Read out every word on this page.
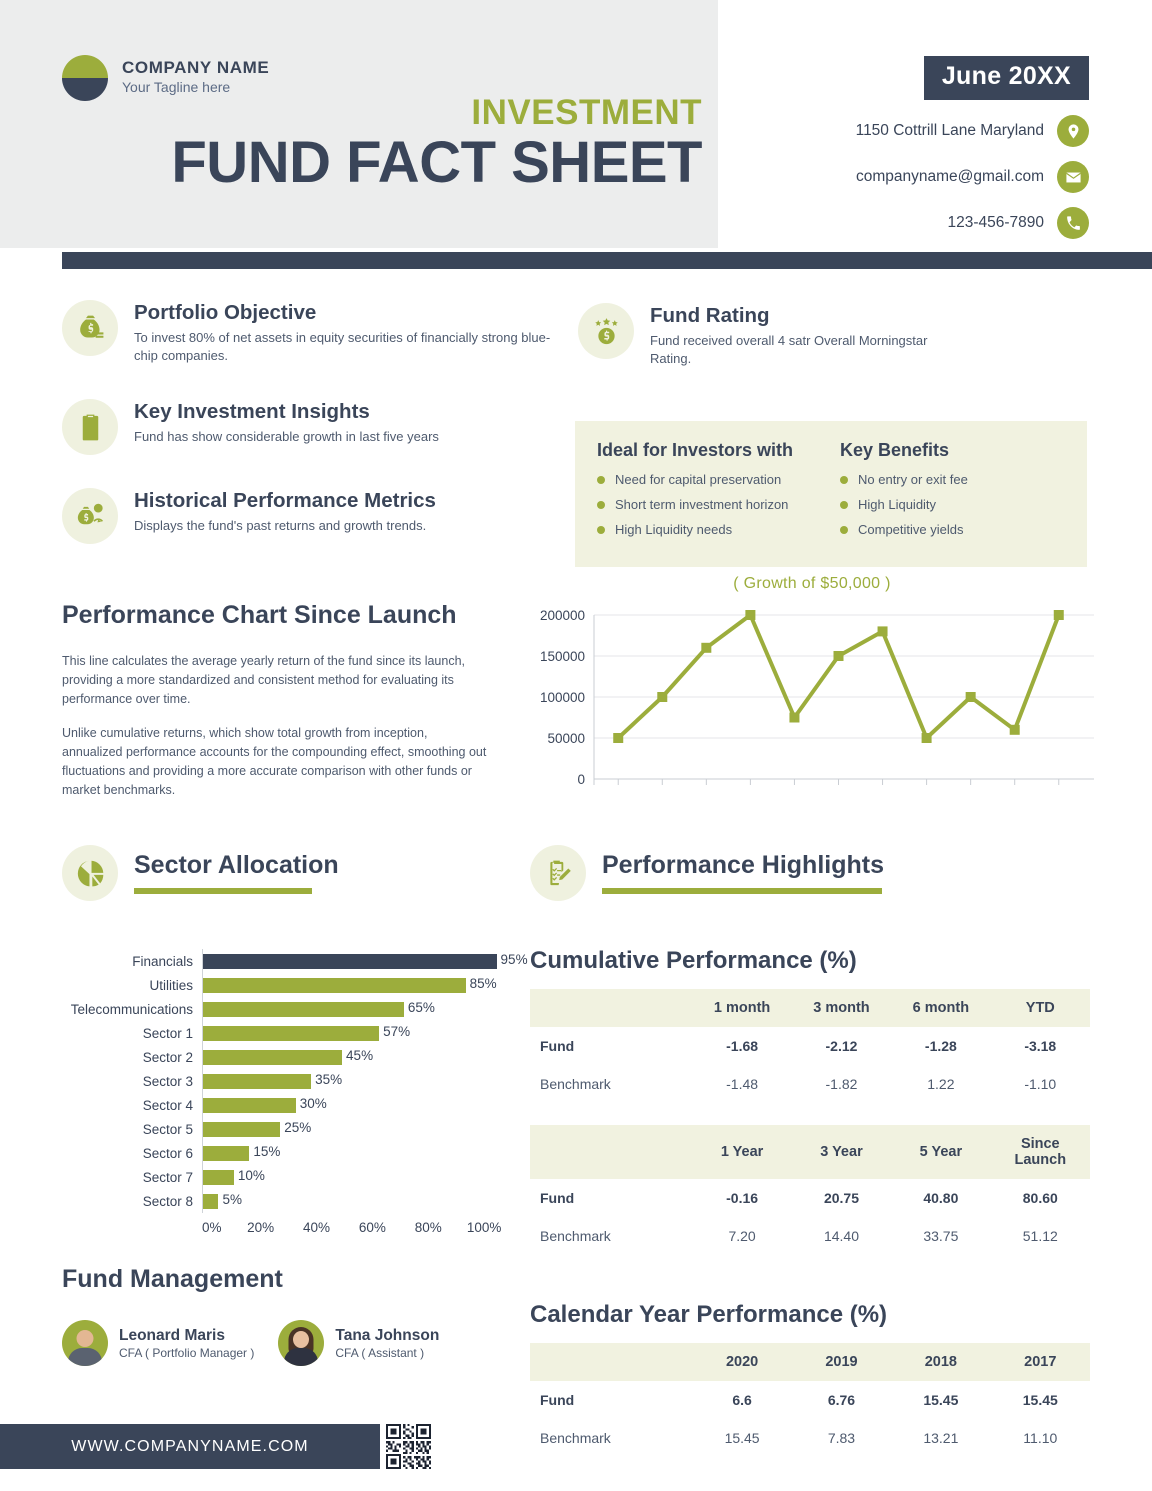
COMPANY NAME
Your Tagline here
INVESTMENT
FUND FACT SHEET
June 20XX
1150 Cottrill Lane Maryland
companyname@gmail.com
123-456-7890
Portfolio Objective
To invest 80% of net assets in equity securities of financially strong blue-chip companies.
Key Investment Insights
Fund has show considerable growth in last five years
Historical Performance Metrics
Displays the fund's past returns and growth trends.
Fund Rating
Fund received overall 4 satr Overall Morningstar Rating.
Ideal for Investors with
Need for capital preservation
Short term investment horizon
High Liquidity needs
Key Benefits
No entry or exit fee
High Liquidity
Competitive yields
Performance Chart Since Launch
This line calculates the average yearly return of the fund since its launch, providing a more standardized and consistent method for evaluating its performance over time.
Unlike cumulative returns, which show total growth from inception, annualized performance accounts for the compounding effect, smoothing out fluctuations and providing a more accurate comparison with other funds or market benchmarks.
( Growth of $50,000 )
0
50000
100000
150000
200000
Sector Allocation
Financials	95%
Utilities	85%
Telecommunications	65%
Sector 1	57%
Sector 2	45%
Sector 3	35%
Sector 4	30%
Sector 5	25%
Sector 6	15%
Sector 7	10%
Sector 8	5%
0%	20%	40%	60%	80%	100%
Fund Management
Leonard Maris
CFA ( Portfolio Manager )
Tana Johnson
CFA ( Assistant )
Performance Highlights
Cumulative Performance (%)
	1 month	3 month	6 month	YTD
Fund	-1.68	-2.12	-1.28	-3.18
Benchmark	-1.48	-1.82	1.22	-1.10
	1 Year	3 Year	5 Year	Since Launch
Fund	-0.16	20.75	40.80	80.60
Benchmark	7.20	14.40	33.75	51.12
Calendar Year Performance (%)
	2020	2019	2018	2017
Fund	6.6	6.76	15.45	15.45
Benchmark	15.45	7.83	13.21	11.10
WWW.COMPANYNAME.COM
